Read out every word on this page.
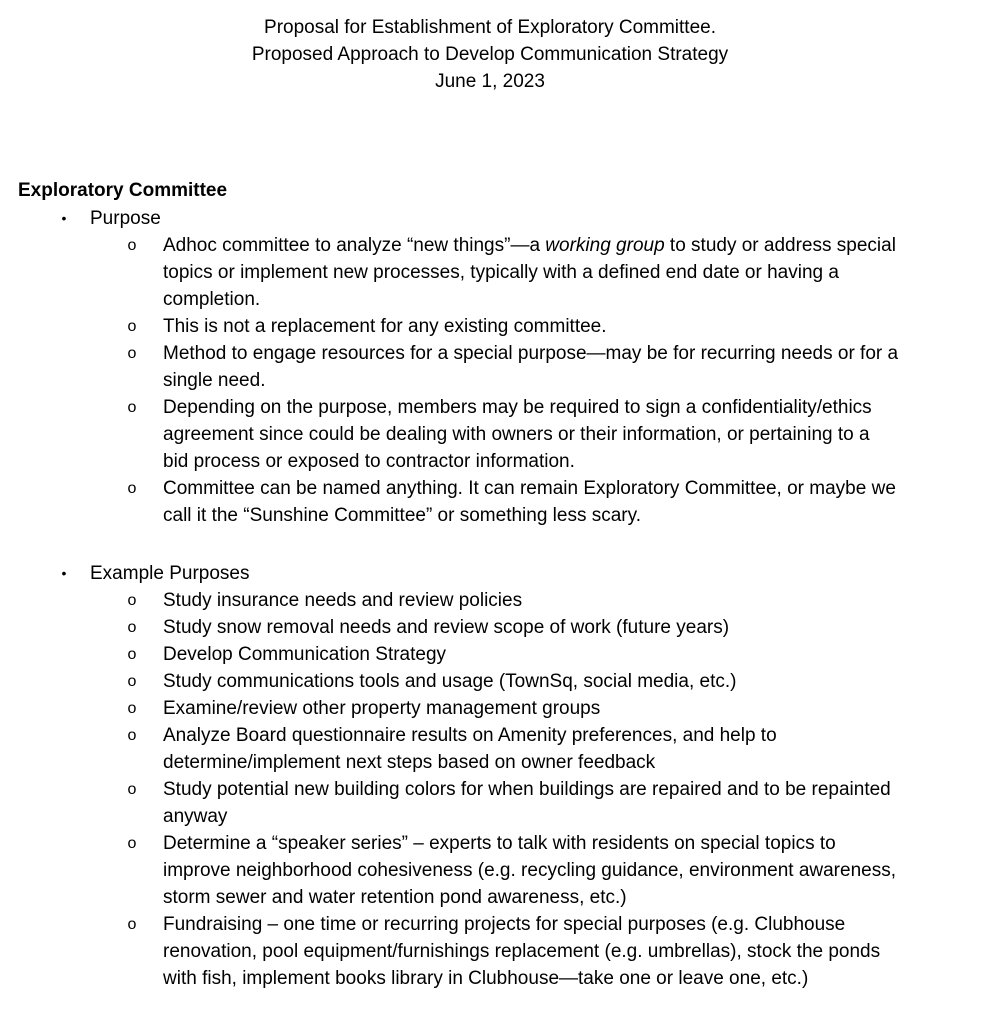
Proposal for Establishment of Exploratory Committee.
Proposed Approach to Develop Communication Strategy
June 1, 2023
Exploratory Committee
• Purpose
o Adhoc committee to analyze “new things”—a working group to study or address special
topics or implement new processes, typically with a defined end date or having a
completion.
o This is not a replacement for any existing committee.
o Method to engage resources for a special purpose—may be for recurring needs or for a
single need.
o Depending on the purpose, members may be required to sign a confidentiality/ethics
agreement since could be dealing with owners or their information, or pertaining to a
bid process or exposed to contractor information.
o Committee can be named anything. It can remain Exploratory Committee, or maybe we
call it the “Sunshine Committee” or something less scary.
• Example Purposes
o Study insurance needs and review policies
o Study snow removal needs and review scope of work (future years)
o Develop Communication Strategy
o Study communications tools and usage (TownSq, social media, etc.)
o Examine/review other property management groups
o Analyze Board questionnaire results on Amenity preferences, and help to
determine/implement next steps based on owner feedback
o Study potential new building colors for when buildings are repaired and to be repainted
anyway
o Determine a “speaker series” – experts to talk with residents on special topics to
improve neighborhood cohesiveness (e.g. recycling guidance, environment awareness,
storm sewer and water retention pond awareness, etc.)
o Fundraising – one time or recurring projects for special purposes (e.g. Clubhouse
renovation, pool equipment/furnishings replacement (e.g. umbrellas), stock the ponds
with fish, implement books library in Clubhouse—take one or leave one, etc.)
